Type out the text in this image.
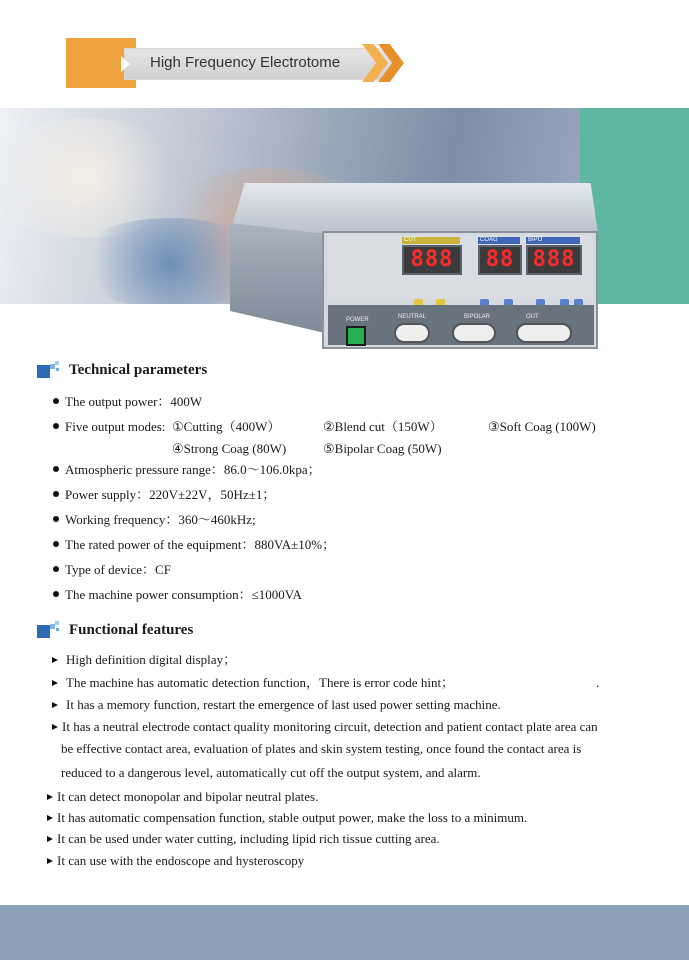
High Frequency Electrotome
CUT	COAG	BIPO
888	88 888
POWER	BIPOLAR	OUT
NEUTRAL
Technical parameters
The output power：400W
Five output modes: ①Cutting（400W）	②Blend cut（150W）	③Soft Coag (100W)
④Strong Coag (80W)	⑤Bipolar Coag (50W)
Atmospheric pressure range：86.0～106.0kpa；
Power supply：220V±22V，50Hz±1；
Working frequency：360～460kHz;
The rated power of the equipment：880VA±10%；
Type of device：CF
The machine power consumption：≤1000VA
Functional features
High definition digital display；
The machine has automatic detection function，There is error code hint；	.
It has a memory function, restart the emergence of last used power setting machine.
It has a neutral electrode contact quality monitoring circuit, detection and patient contact plate area can
be effective contact area, evaluation of plates and skin system testing, once found the contact area is
reduced to a dangerous level, automatically cut off the output system, and alarm.
It can detect monopolar and bipolar neutral plates.
It has automatic compensation function, stable output power, make the loss to a minimum.
It can be used under water cutting, including lipid rich tissue cutting area.
It can use with the endoscope and hysteroscopy
